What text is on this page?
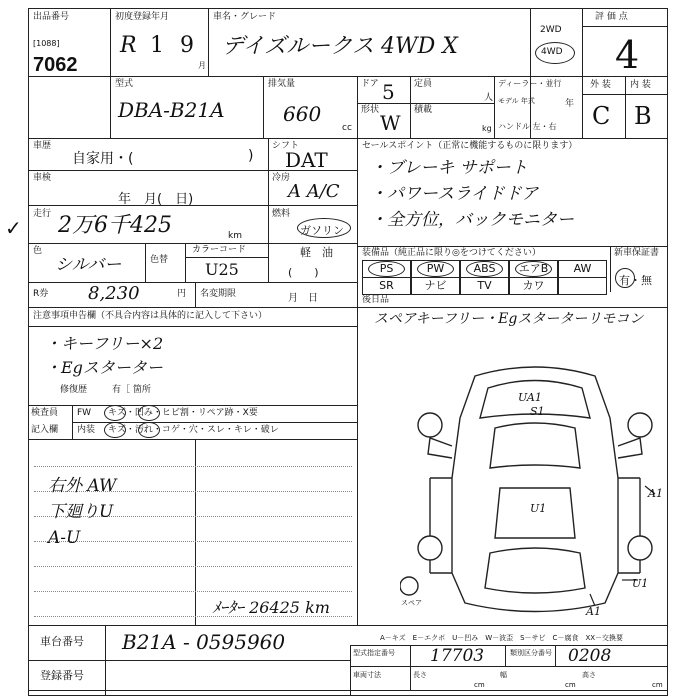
出品番号
[1088]
7062
初度登録年月
R 1 9
月
車名・グレード
デイズルークス 4WD X
2WD
4WD
評 価 点
4
型式
DBA-B21A
排気量
660
cc
ドア 5
形状
W
定員
人
積載
kg
ディーラー・並行
モデル 年式	年
ハンドル 左・右
外 装 内 装
C B
車歴
自家用・(	)
シフト
DAT
車検
年　月(　日)
冷房
A A/C
走行 2万6千425	km
✓
燃料
ガソリン
軽　油
(　　)
色
シルバー	色替
カラーコード
U25
R券 8,230	円 名変期限	月　日
セールスポイント（正常に機能するものに限ります）
・ブレーキ サポート
・パワースライドドア
・全方位，バックモニター
装備品（純正品に限り◎をつけてください）	新車保証書
有・無
PS	PW	ABS	エアB	AW
SR	ナビ	TV	カワ
後日品
スペアキーフリー・Egスターターリモコン
注意事項申告欄（不具合内容は具体的に記入して下さい）
・キーフリー×2
・Egスターター
修復歴	有［ 箇所
検査員
記入欄
FW キズ・凹み・ヒビ割・リペア跡・X要
内装 キズ・汚れ・コゲ・穴・スレ・キレ・破レ
右外 AW
下廻りU
A-U
ﾒｰﾀｰ 26425 km
UA1
S1
U1
A1
U1
A1
スペア
A－キズ　E－エクボ　U－凹み　W－波歪　S－サビ　C－腐食　XX－交換要
車台番号 B21A - 0595960
登録番号
型式指定番号 17703	類別区分番号 0208
車両寸法	長さ
cm
幅
cm
高さ
cm
